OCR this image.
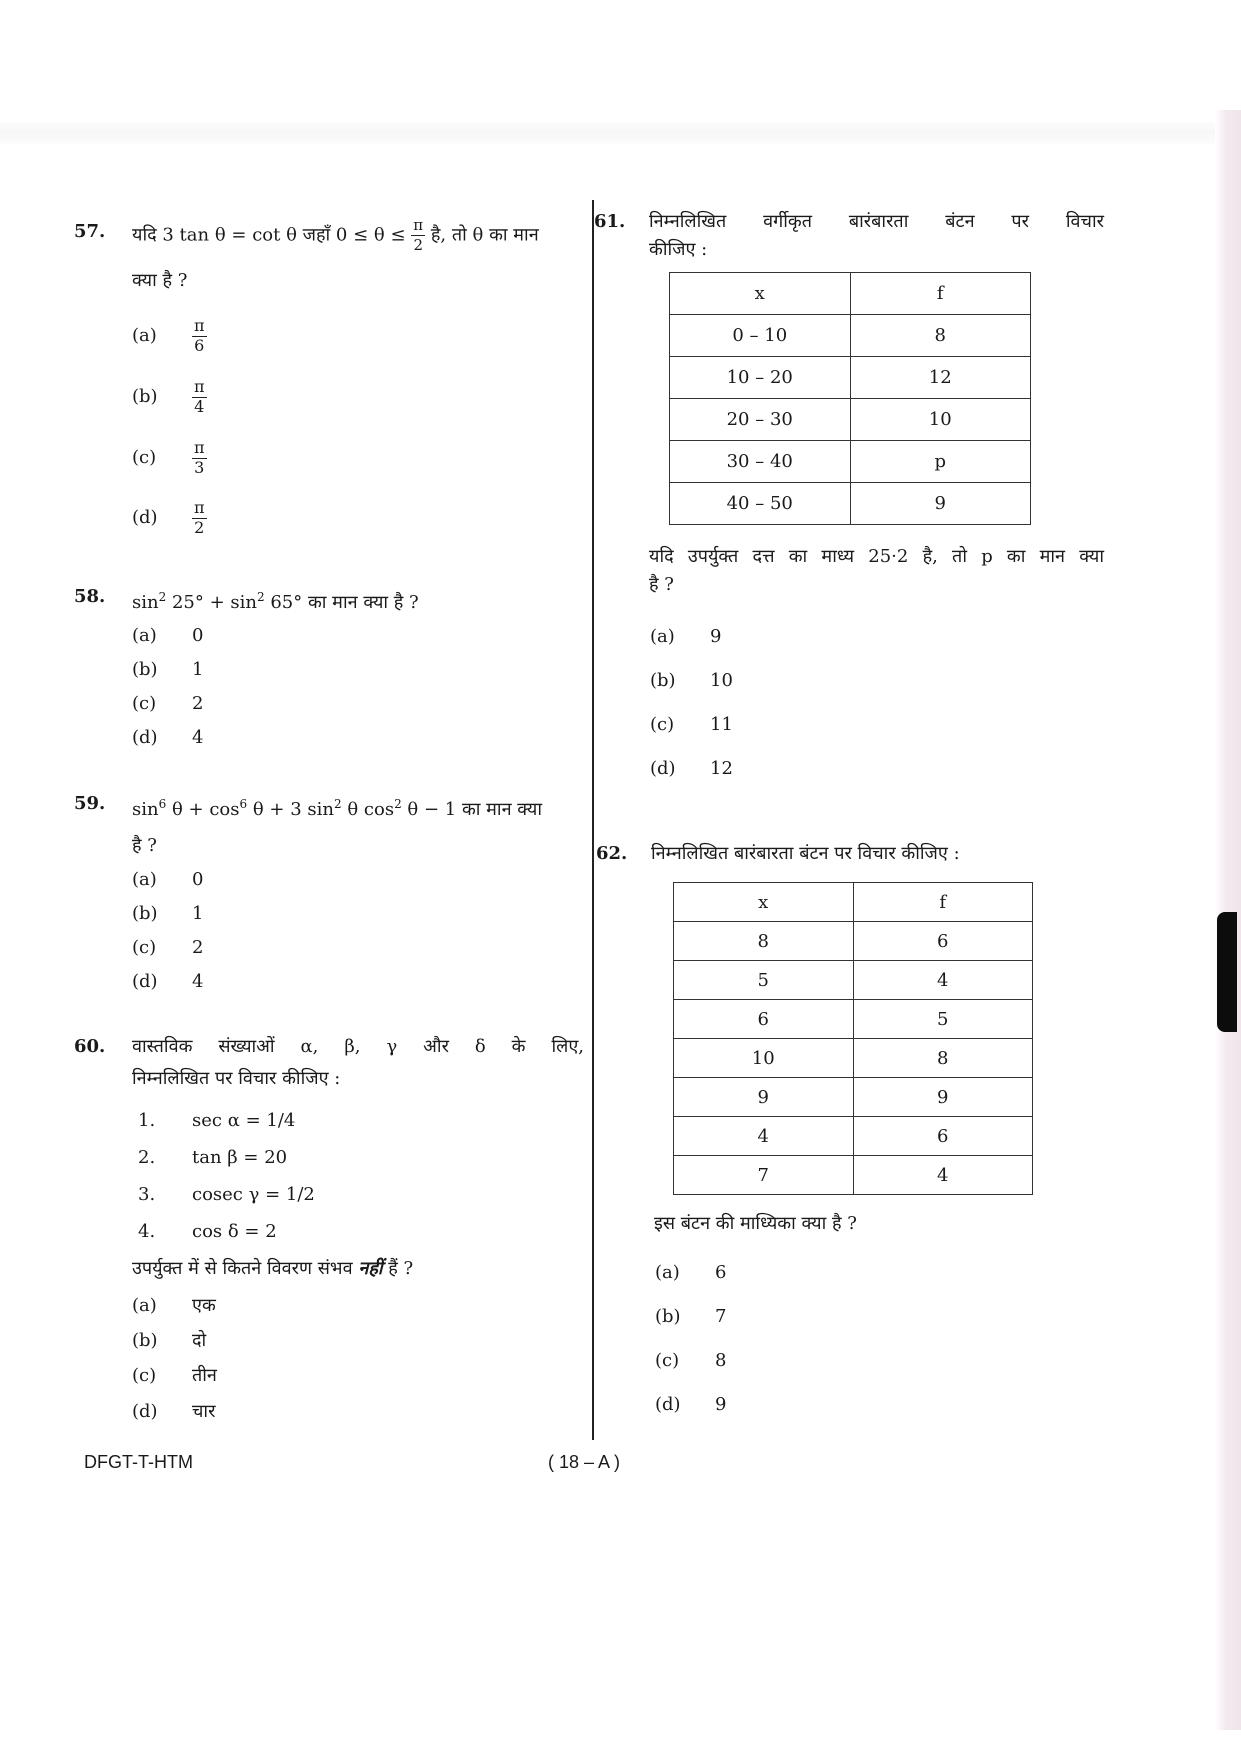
57. यदि 3 tan θ = cot θ जहाँ $0 \le \theta \le \frac{\pi}{2}$ है, तो θ का मान
क्या है ?
$(a) \frac{\pi}{6}$
$(b) \frac{\pi}{4}$
$(c) \frac{\pi}{3}$
$(d) \frac{\pi}{2}$
58. $\sin^2 25^\circ + \sin^2 65^\circ$ का मान क्या है ?
(a) 0
(b) 1
(c) 2
(d) 4
59. $\sin^6 \theta + \cos^6 \theta + 3$ $\sin^2 \theta$ $\cos^2 \theta - 1$ का मान क्या
है ?
(a) 0
(b) 1
(c) 2
(d) 4
60. वास्तविक संख्याओं α, β, γ और δ के लिए,
निम्नलिखित पर विचार कीजिए :
1. sec α = 1/4
2. tan β = 20
3. cosec γ = 1/2
4. cos δ = 2
उपर्युक्त में से कितने विवरण संभव नहीं हैं ?
(a) एक
(b) दो
(c) तीन
(d) चार
61. निम्नलिखित वर्गीकृत बारंबारता बंटन पर विचार
कीजिए :
x	f
0 – 10	8
10 – 20	12
20 – 30	10
30 – 40	p
40 – 50	9
यदि उपर्युक्त दत्त का माध्य 25·2 है, तो p का मान क्या
है ?
(a) 9
(b) 10
(c) 11
(d) 12
62. निम्नलिखित बारंबारता बंटन पर विचार कीजिए :
x	f
8	6
5	4
6	5
10	8
9	9
4	6
7	4
इस बंटन की माध्यिका क्या है ?
(a) 6
(b) 7
(c) 8
(d) 9
DFGT-T-HTM	( 18 – A )
